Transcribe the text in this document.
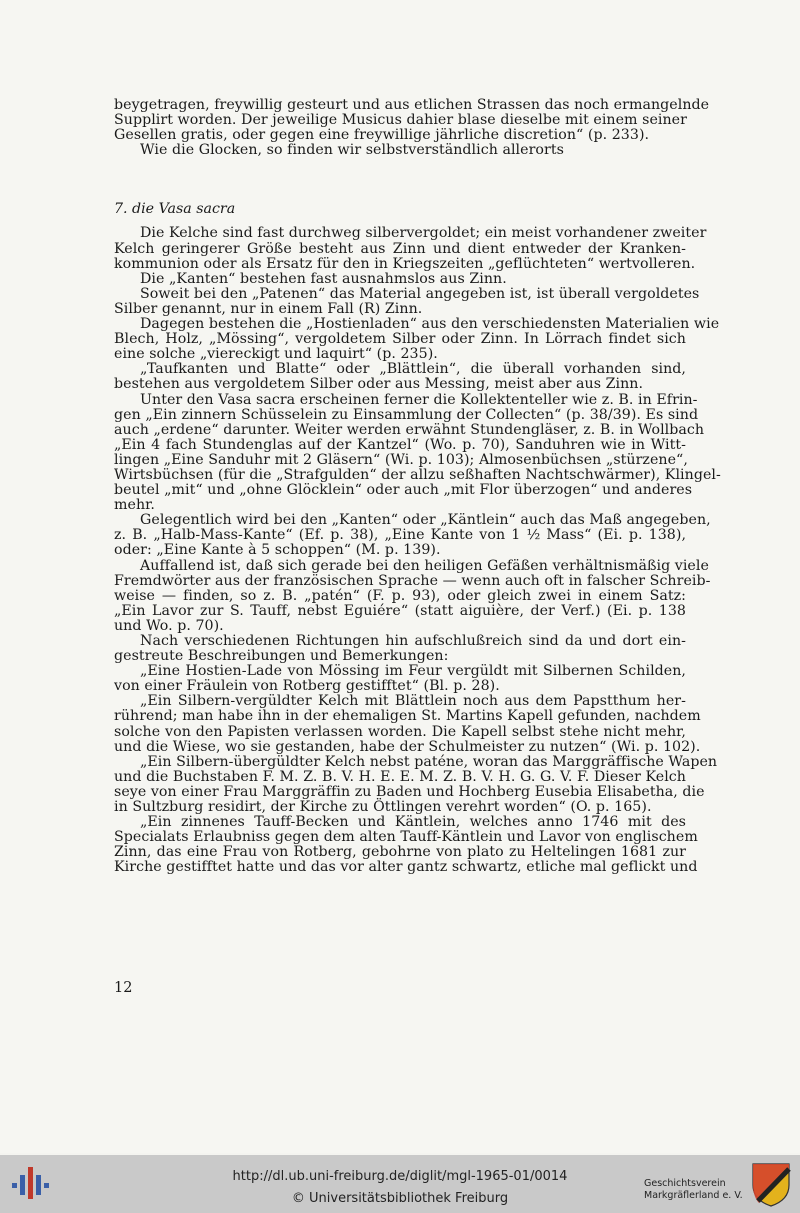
beygetragen, freywillig gesteurt und aus etlichen Strassen das noch ermangelnde
Supplirt worden. Der jeweilige Musicus dahier blase dieselbe mit einem seiner
Gesellen gratis, oder gegen eine freywillige jährliche discretion“ (p. 233).
Wie die Glocken, so finden wir selbstverständlich allerorts
7. die Vasa sacra
Die Kelche sind fast durchweg silbervergoldet; ein meist vorhandener zweiter
Kelch geringerer Größe besteht aus Zinn und dient entweder der Kranken-
kommunion oder als Ersatz für den in Kriegszeiten „geflüchteten“ wertvolleren.
Die „Kanten“ bestehen fast ausnahmslos aus Zinn.
Soweit bei den „Patenen“ das Material angegeben ist, ist überall vergoldetes
Silber genannt, nur in einem Fall (R) Zinn.
Dagegen bestehen die „Hostienladen“ aus den verschiedensten Materialien wie
Blech, Holz, „Mössing“, vergoldetem Silber oder Zinn. In Lörrach findet sich
eine solche „viereckigt und laquirt“ (p. 235).
„Taufkanten und Blatte“ oder „Blättlein“, die überall vorhanden sind,
bestehen aus vergoldetem Silber oder aus Messing, meist aber aus Zinn.
Unter den Vasa sacra erscheinen ferner die Kollektenteller wie z. B. in Efrin-
gen „Ein zinnern Schüsselein zu Einsammlung der Collecten“ (p. 38/39). Es sind
auch „erdene“ darunter. Weiter werden erwähnt Stundengläser, z. B. in Wollbach
„Ein 4 fach Stundenglas auf der Kantzel“ (Wo. p. 70), Sanduhren wie in Witt-
lingen „Eine Sanduhr mit 2 Gläsern“ (Wi. p. 103); Almosenbüchsen „stürzene“,
Wirtsbüchsen (für die „Strafgulden“ der allzu seßhaften Nachtschwärmer), Klingel-
beutel „mit“ und „ohne Glöcklein“ oder auch „mit Flor überzogen“ und anderes
mehr.
Gelegentlich wird bei den „Kanten“ oder „Käntlein“ auch das Maß angegeben,
z. B. „Halb-Mass-Kante“ (Ef. p. 38), „Eine Kante von 1 ½ Mass“ (Ei. p. 138),
oder: „Eine Kante à 5 schoppen“ (M. p. 139).
Auffallend ist, daß sich gerade bei den heiligen Gefäßen verhältnismäßig viele
Fremdwörter aus der französischen Sprache — wenn auch oft in falscher Schreib-
weise — finden, so z. B. „patén“ (F. p. 93), oder gleich zwei in einem Satz:
„Ein Lavor zur S. Tauff, nebst Eguiére“ (statt aiguière, der Verf.) (Ei. p. 138
und Wo. p. 70).
Nach verschiedenen Richtungen hin aufschlußreich sind da und dort ein-
gestreute Beschreibungen und Bemerkungen:
„Eine Hostien-Lade von Mössing im Feur vergüldt mit Silbernen Schilden,
von einer Fräulein von Rotberg gestifftet“ (Bl. p. 28).
„Ein Silbern-vergüldter Kelch mit Blättlein noch aus dem Papstthum her-
rührend; man habe ihn in der ehemaligen St. Martins Kapell gefunden, nachdem
solche von den Papisten verlassen worden. Die Kapell selbst stehe nicht mehr,
und die Wiese, wo sie gestanden, habe der Schulmeister zu nutzen“ (Wi. p. 102).
„Ein Silbern-übergüldter Kelch nebst paténe, woran das Marggräffische Wapen
und die Buchstaben F. M. Z. B. V. H. E. E. M. Z. B. V. H. G. G. V. F. Dieser Kelch
seye von einer Frau Marggräffin zu Baden und Hochberg Eusebia Elisabetha, die
in Sultzburg residirt, der Kirche zu Öttlingen verehrt worden“ (O. p. 165).
„Ein zinnenes Tauff-Becken und Käntlein, welches anno 1746 mit des
Specialats Erlaubniss gegen dem alten Tauff-Käntlein und Lavor von englischem
Zinn, das eine Frau von Rotberg, gebohrne von plato zu Heltelingen 1681 zur
Kirche gestifftet hatte und das vor alter gantz schwartz, etliche mal geflickt und
12
http://dl.ub.uni-freiburg.de/diglit/mgl-1965-01/0014
© Universitätsbibliothek Freiburg
Geschichtsverein
Markgräflerland e. V.
